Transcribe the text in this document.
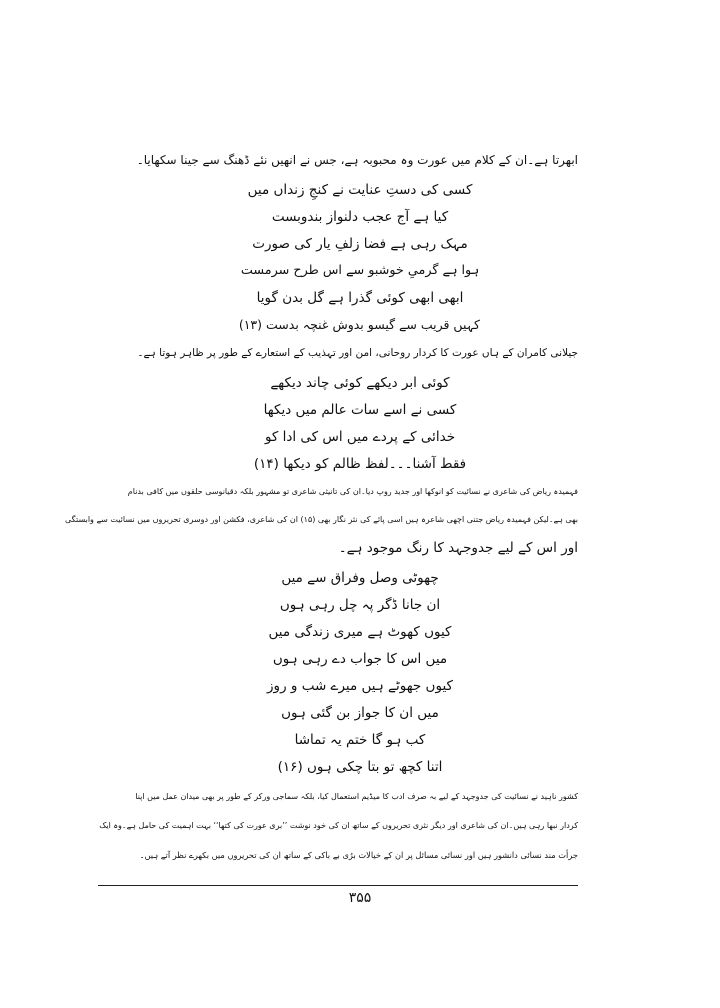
ابھرتا ہے۔ان کے کلام میں عورت وہ محبوبہ ہے، جس نے انھیں نئے ڈھنگ سے جینا سکھایا۔
کسی کی دستِ عنایت نے کنجِ زنداں میں
کیا ہے آج عجب دلنواز بندوبست
مہک رہی ہے فضا زلفِ یار کی صورت
ہوا ہے گرمیِ خوشبو سے اس طرح سرمست
ابھی ابھی کوئی گذرا ہے گل بدن گویا
کہیں قریب سے گیسو بدوش غنچہ بدست (۱۳)
جیلانی کامران کے ہاں عورت کا کردار روحانی، امن اور تہذیب کے استعارے کے طور پر ظاہر ہوتا ہے۔
کوئی ابر دیکھے کوئی چاند دیکھے
کسی نے اسے سات عالم میں دیکھا
خدائی کے پردے میں اس کی ادا کو
فقط آشنا۔۔۔لفظ ظالم کو دیکھا (۱۴)
فہمیدہ ریاض کی شاعری نے نسائیت کو انوکھا اور جدید روپ دیا۔ان کی تانیثی شاعری تو مشہور بلکہ دقیانوسی حلقوں میں کافی بدنام
بھی ہے۔لیکن فہمیدہ ریاض جتنی اچھی شاعرہ ہیں اسی پائے کی نثر نگار بھی (۱۵) ان کی شاعری، فکشن اور دوسری تحریروں میں نسائیت سے وابستگی
اور اس کے لیے جدوجہد کا رنگ موجود ہے۔
چھوٹی وصل وفراق سے میں
ان جانا ڈگر پہ چل رہی ہوں
کیوں کھوٹ ہے میری زندگی میں
میں اس کا جواب دے رہی ہوں
کیوں جھوٹے ہیں میرے شب و روز
میں ان کا جواز بن گئی ہوں
کب ہو گا ختم یہ تماشا
اتنا کچھ تو بتا چکی ہوں (۱۶)
کشور ناہید نے نسائیت کی جدوجہد کے لیے بہ صرف ادب کا میڈیم استعمال کیا، بلکہ سماجی ورکر کے طور پر بھی میدان عمل میں اپنا
کردار نبھا رہی ہیں۔ان کی شاعری اور دیگر نثری تحریروں کے ساتھ ان کی خود نوشت ’’بری عورت کی کتھا‘‘ بہت اہمیت کی حامل ہے۔وہ ایک
جرأت مند نسائی دانشور ہیں اور نسائی مسائل پر ان کے خیالات بڑی بے باکی کے ساتھ ان کی تحریروں میں بکھرے نظر آتے ہیں۔
۳۵۵
